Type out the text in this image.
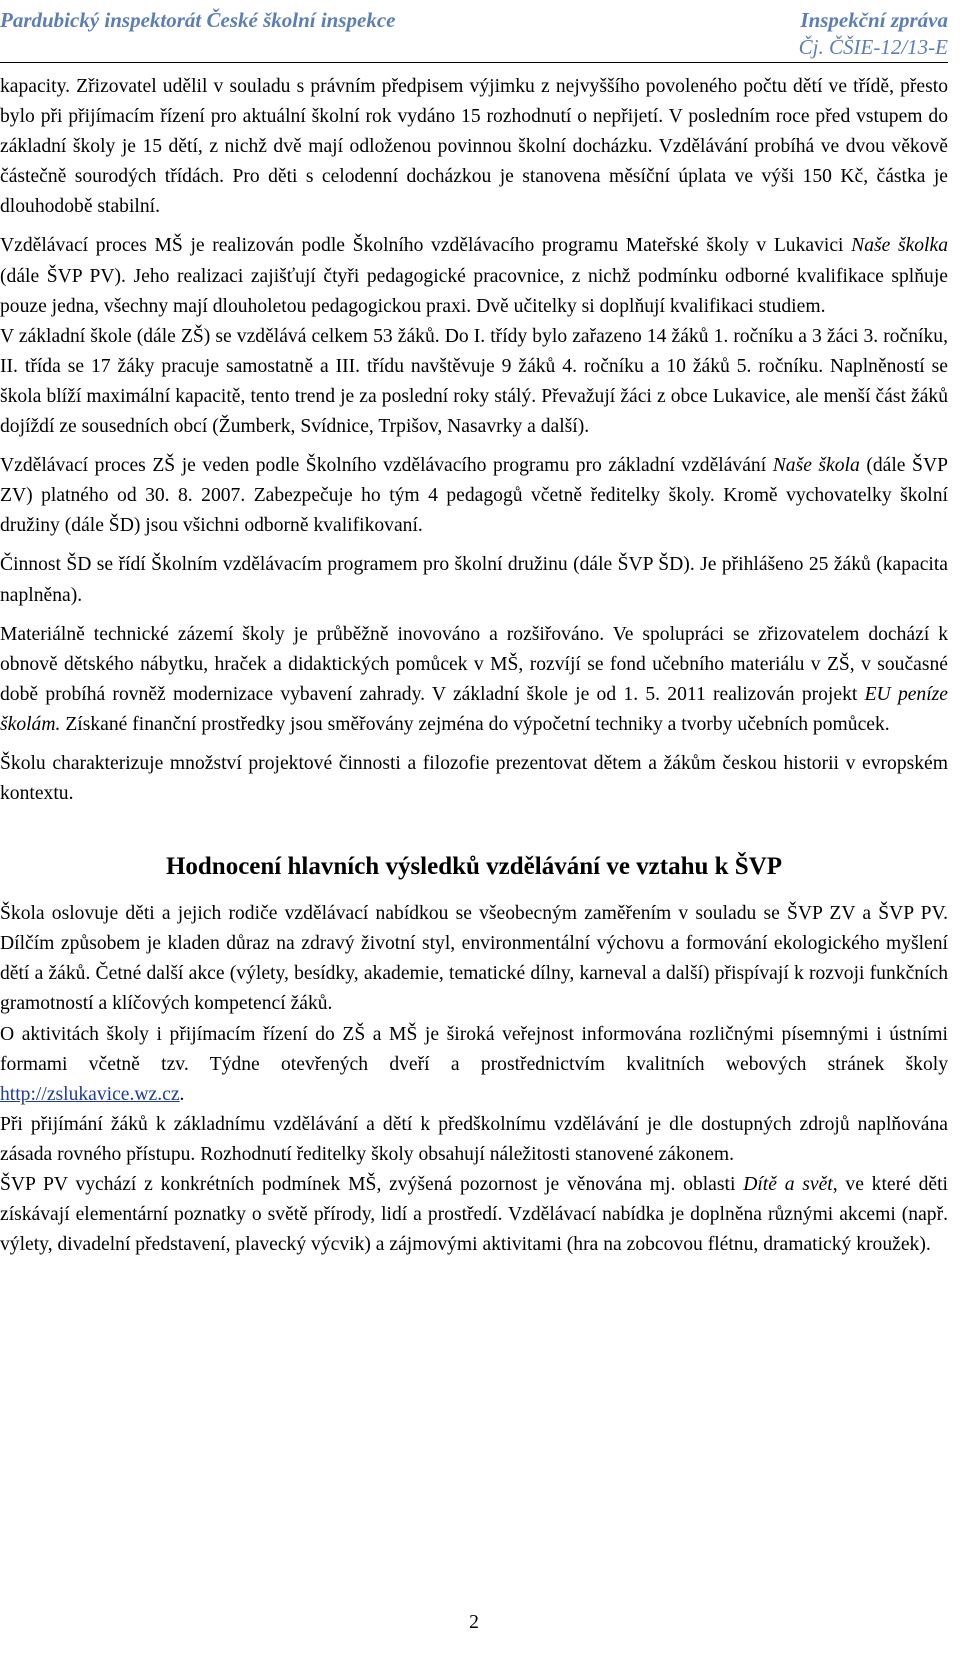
Pardubický inspektorát České školní inspekce	Inspekční zpráva
Čj. ČŠIE-12/13-E

kapacity. Zřizovatel udělil v souladu s právním předpisem výjimku z nejvyššího povoleného počtu dětí ve třídě, přesto bylo při přijímacím řízení pro aktuální školní rok vydáno 15 rozhodnutí o nepřijetí. V posledním roce před vstupem do základní školy je 15 dětí, z nichž dvě mají odloženou povinnou školní docházku. Vzdělávání probíhá ve dvou věkově částečně sourodých třídách. Pro děti s celodenní docházkou je stanovena měsíční úplata ve výši 150 Kč, částka je dlouhodobě stabilní.

Vzdělávací proces MŠ je realizován podle Školního vzdělávacího programu Mateřské školy v Lukavici Naše školka (dále ŠVP PV). Jeho realizaci zajišťují čtyři pedagogické pracovnice, z nichž podmínku odborné kvalifikace splňuje pouze jedna, všechny mají dlouholetou pedagogickou praxi. Dvě učitelky si doplňují kvalifikaci studiem.

V základní škole (dále ZŠ) se vzdělává celkem 53 žáků. Do I. třídy bylo zařazeno 14 žáků 1. ročníku a 3 žáci 3. ročníku, II. třída se 17 žáky pracuje samostatně a III. třídu navštěvuje 9 žáků 4. ročníku a 10 žáků 5. ročníku. Naplněností se škola blíží maximální kapacitě, tento trend je za poslední roky stálý. Převažují žáci z obce Lukavice, ale menší část žáků dojíždí ze sousedních obcí (Žumberk, Svídnice, Trpišov, Nasavrky a další).

Vzdělávací proces ZŠ je veden podle Školního vzdělávacího programu pro základní vzdělávání Naše škola (dále ŠVP ZV) platného od 30. 8. 2007. Zabezpečuje ho tým 4 pedagogů včetně ředitelky školy. Kromě vychovatelky školní družiny (dále ŠD) jsou všichni odborně kvalifikovaní.

Činnost ŠD se řídí Školním vzdělávacím programem pro školní družinu (dále ŠVP ŠD). Je přihlášeno 25 žáků (kapacita naplněna).

Materiálně technické zázemí školy je průběžně inovováno a rozšiřováno. Ve spolupráci se zřizovatelem dochází k obnově dětského nábytku, hraček a didaktických pomůcek v MŠ, rozvíjí se fond učebního materiálu v ZŠ, v současné době probíhá rovněž modernizace vybavení zahrady. V základní škole je od 1. 5. 2011 realizován projekt EU peníze školám. Získané finanční prostředky jsou směřovány zejména do výpočetní techniky a tvorby učebních pomůcek.

Školu charakterizuje množství projektové činnosti a filozofie prezentovat dětem a žákům českou historii v evropském kontextu.

Hodnocení hlavních výsledků vzdělávání ve vztahu k ŠVP

Škola oslovuje děti a jejich rodiče vzdělávací nabídkou se všeobecným zaměřením v souladu se ŠVP ZV a ŠVP PV. Dílčím způsobem je kladen důraz na zdravý životní styl, environmentální výchovu a formování ekologického myšlení dětí a žáků. Četné další akce (výlety, besídky, akademie, tematické dílny, karneval a další) přispívají k rozvoji funkčních gramotností a klíčových kompetencí žáků.

O aktivitách školy i přijímacím řízení do ZŠ a MŠ je široká veřejnost informována rozličnými písemnými i ústními formami včetně tzv. Týdne otevřených dveří a prostřednictvím kvalitních webových stránek školy http://zslukavice.wz.cz.

Při přijímání žáků k základnímu vzdělávání a dětí k předškolnímu vzdělávání je dle dostupných zdrojů naplňována zásada rovného přístupu. Rozhodnutí ředitelky školy obsahují náležitosti stanovené zákonem.

ŠVP PV vychází z konkrétních podmínek MŠ, zvýšená pozornost je věnována mj. oblasti Dítě a svět, ve které děti získávají elementární poznatky o světě přírody, lidí a prostředí. Vzdělávací nabídka je doplněna různými akcemi (např. výlety, divadelní představení, plavecký výcvik) a zájmovými aktivitami (hra na zobcovou flétnu, dramatický kroužek).

2
